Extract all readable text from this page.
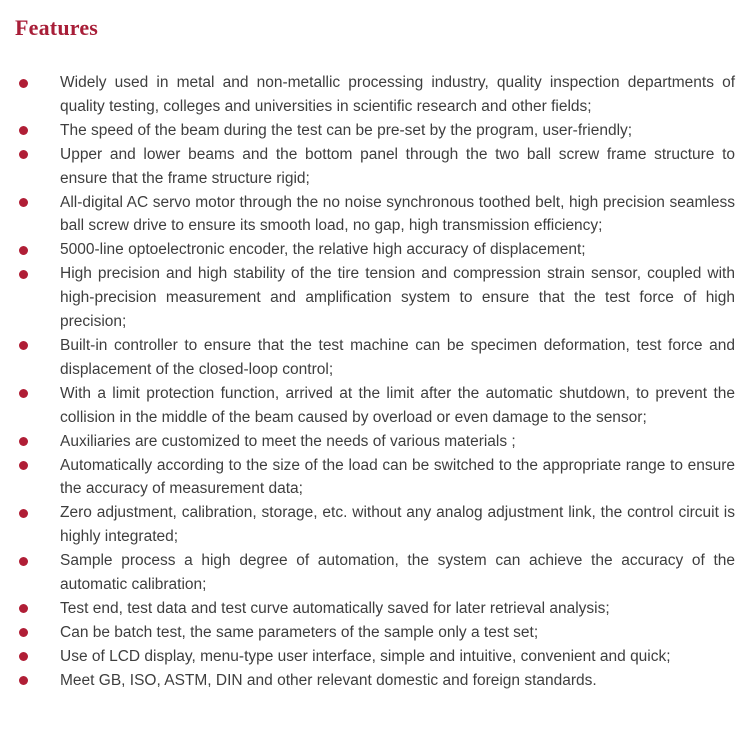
Features
Widely used in metal and non-metallic processing industry, quality inspection departments of quality testing, colleges and universities in scientific research and other fields;
The speed of the beam during the test can be pre-set by the program, user-friendly;
Upper and lower beams and the bottom panel through the two ball screw frame structure to ensure that the frame structure rigid;
All-digital AC servo motor through the no noise synchronous toothed belt, high precision seamless ball screw drive to ensure its smooth load, no gap, high transmission efficiency;
5000-line optoelectronic encoder, the relative high accuracy of displacement;
High precision and high stability of the tire tension and compression strain sensor, coupled with high-precision measurement and amplification system to ensure that the test force of high precision;
Built-in controller to ensure that the test machine can be specimen deformation, test force and displacement of the closed-loop control;
With a limit protection function, arrived at the limit after the automatic shutdown, to prevent the collision in the middle of the beam caused by overload or even damage to the sensor;
Auxiliaries are customized to meet the needs of various materials ;
Automatically according to the size of the load can be switched to the appropriate range to ensure the accuracy of measurement data;
Zero adjustment, calibration, storage, etc. without any analog adjustment link, the control circuit is highly integrated;
Sample process a high degree of automation, the system can achieve the accuracy of the automatic calibration;
Test end, test data and test curve automatically saved for later retrieval analysis;
Can be batch test, the same parameters of the sample only a test set;
Use of LCD display, menu-type user interface, simple and intuitive, convenient and quick;
Meet GB, ISO, ASTM, DIN and other relevant domestic and foreign standards.
